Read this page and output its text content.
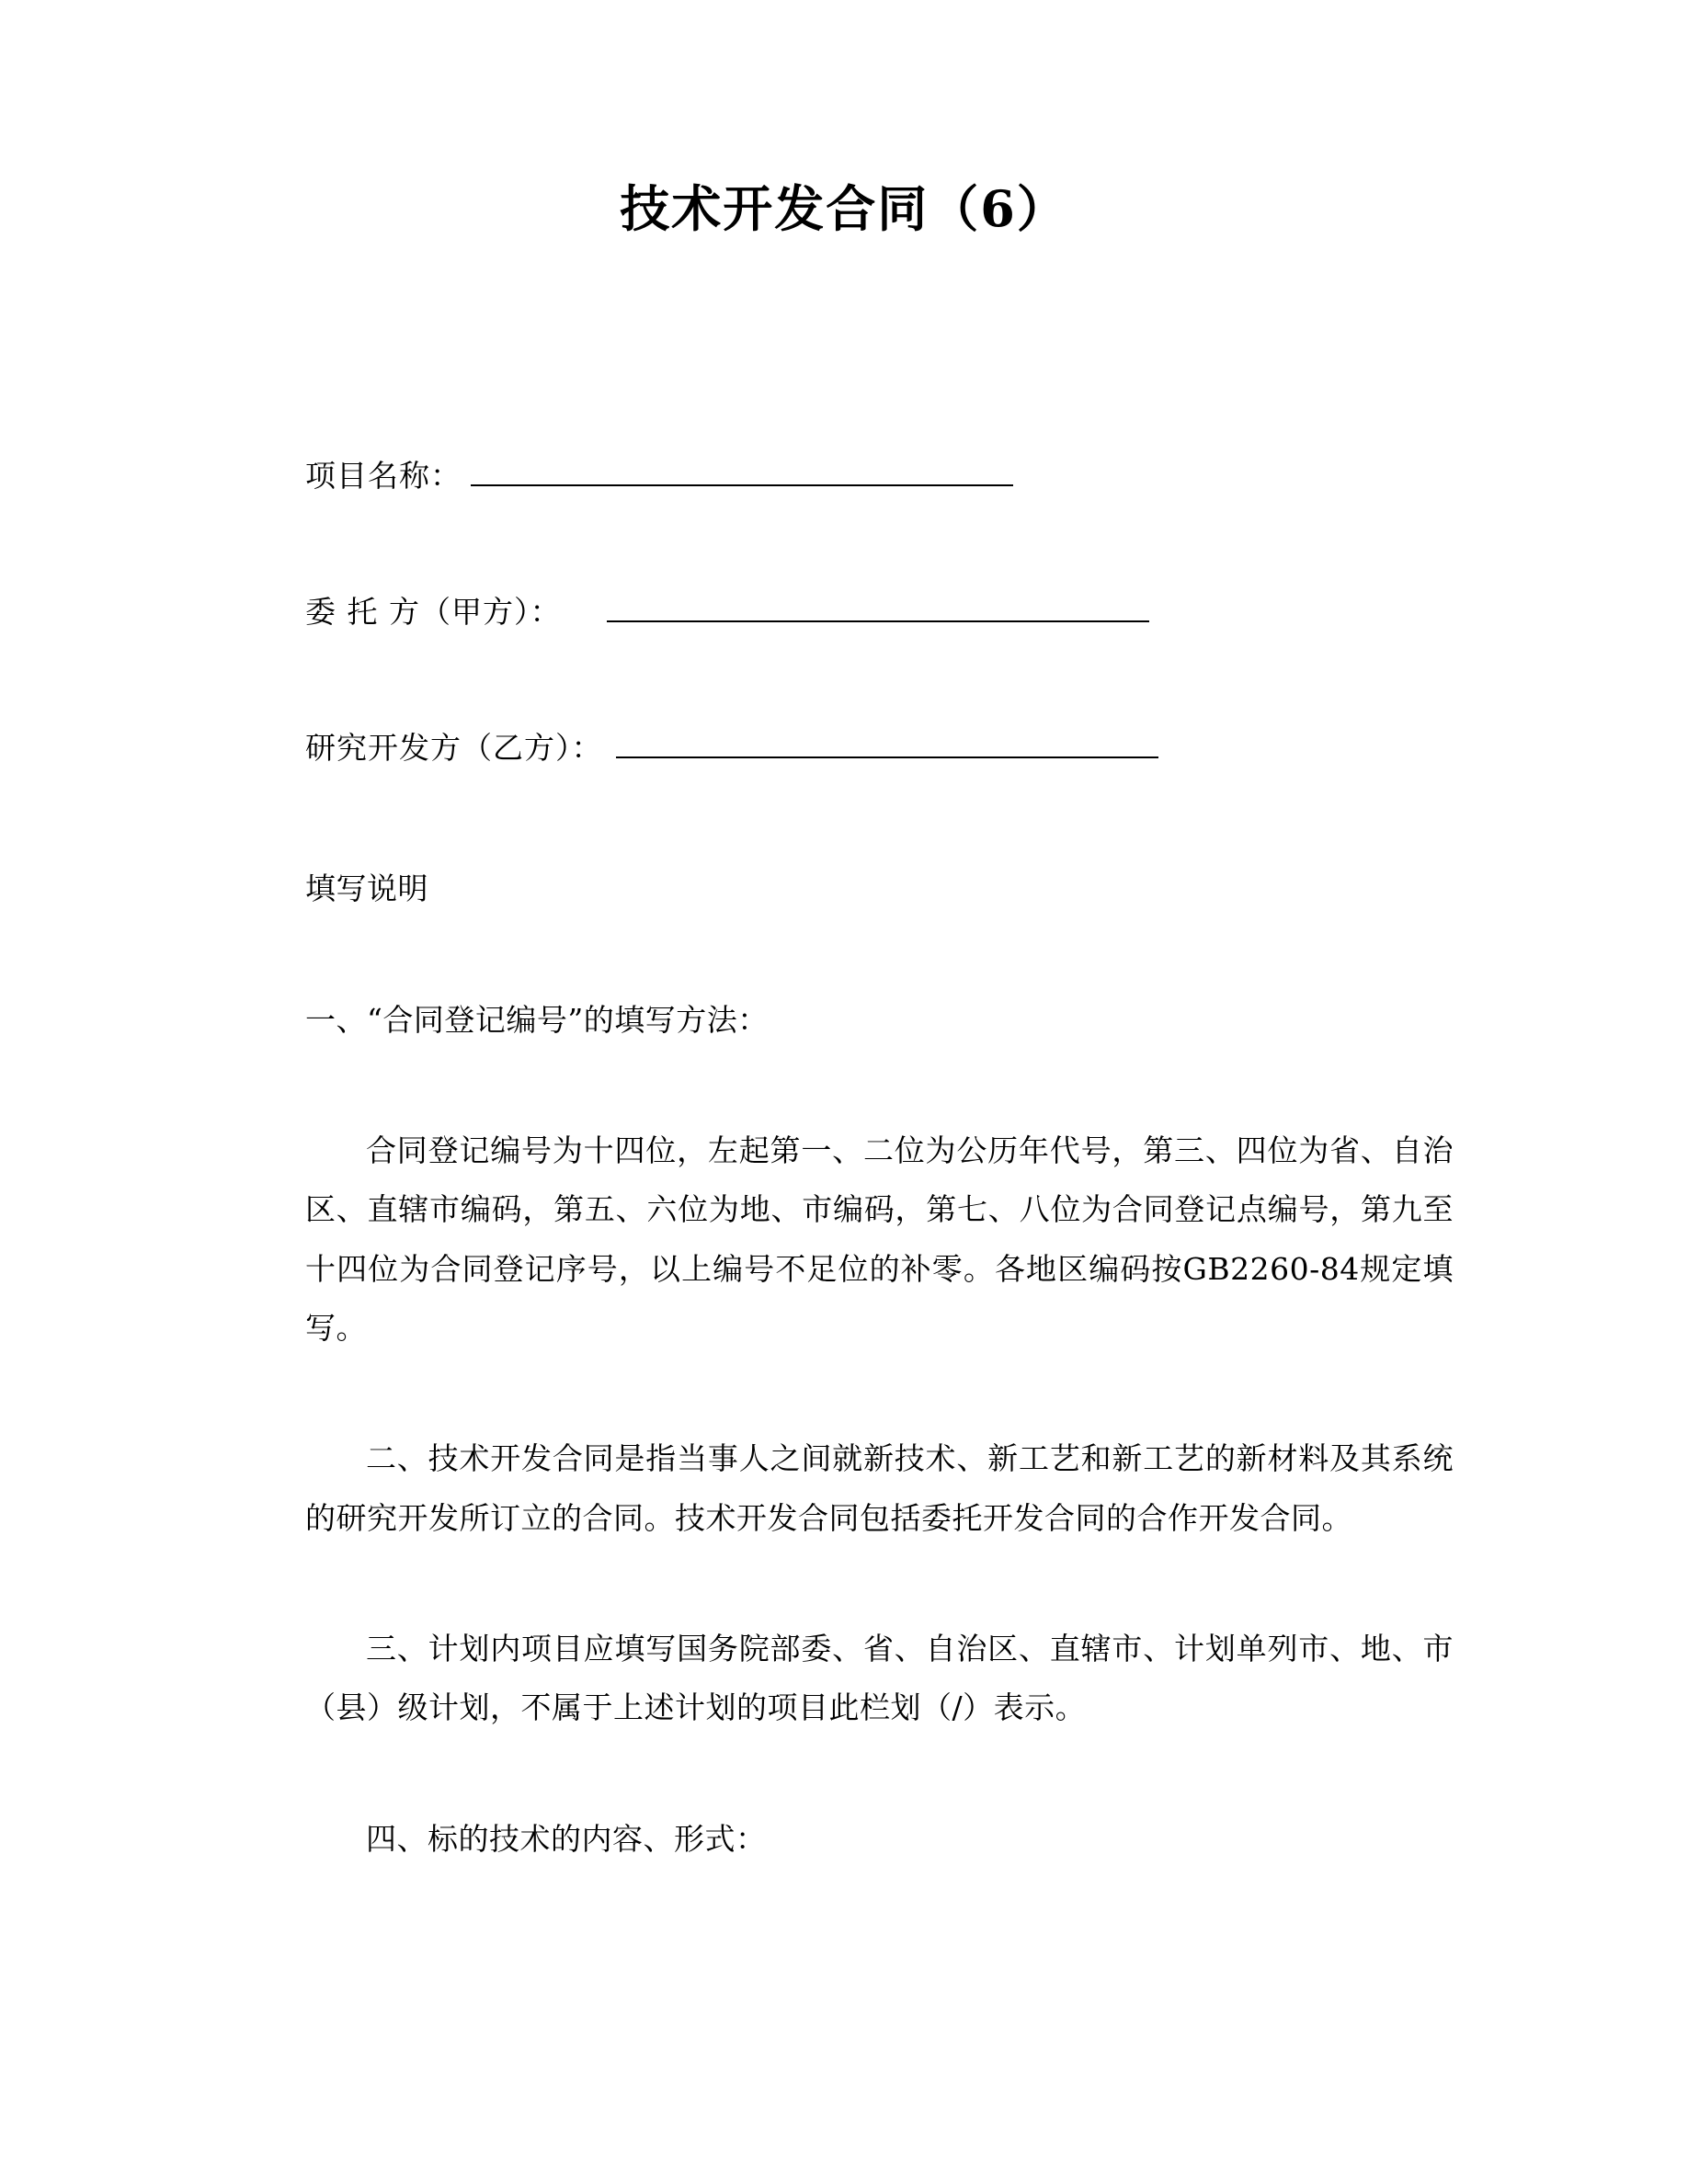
技术开发合同（6）
项目名称：
委 托 方（甲方）：
研究开发方（乙方）：

填写说明

一、“合同登记编号”的填写方法：

合同登记编号为十四位，左起第一、二位为公历年代号，第三、四位为省、自治区、直辖市编码，第五、六位为地、市编码，第七、八位为合同登记点编号，第九至十四位为合同登记序号，以上编号不足位的补零。各地区编码按GB2260-84规定填写。

二、技术开发合同是指当事人之间就新技术、新工艺和新工艺的新材料及其系统的研究开发所订立的合同。技术开发合同包括委托开发合同的合作开发合同。

三、计划内项目应填写国务院部委、省、自治区、直辖市、计划单列市、地、市（县）级计划，不属于上述计划的项目此栏划（/）表示。

四、标的技术的内容、形式：
